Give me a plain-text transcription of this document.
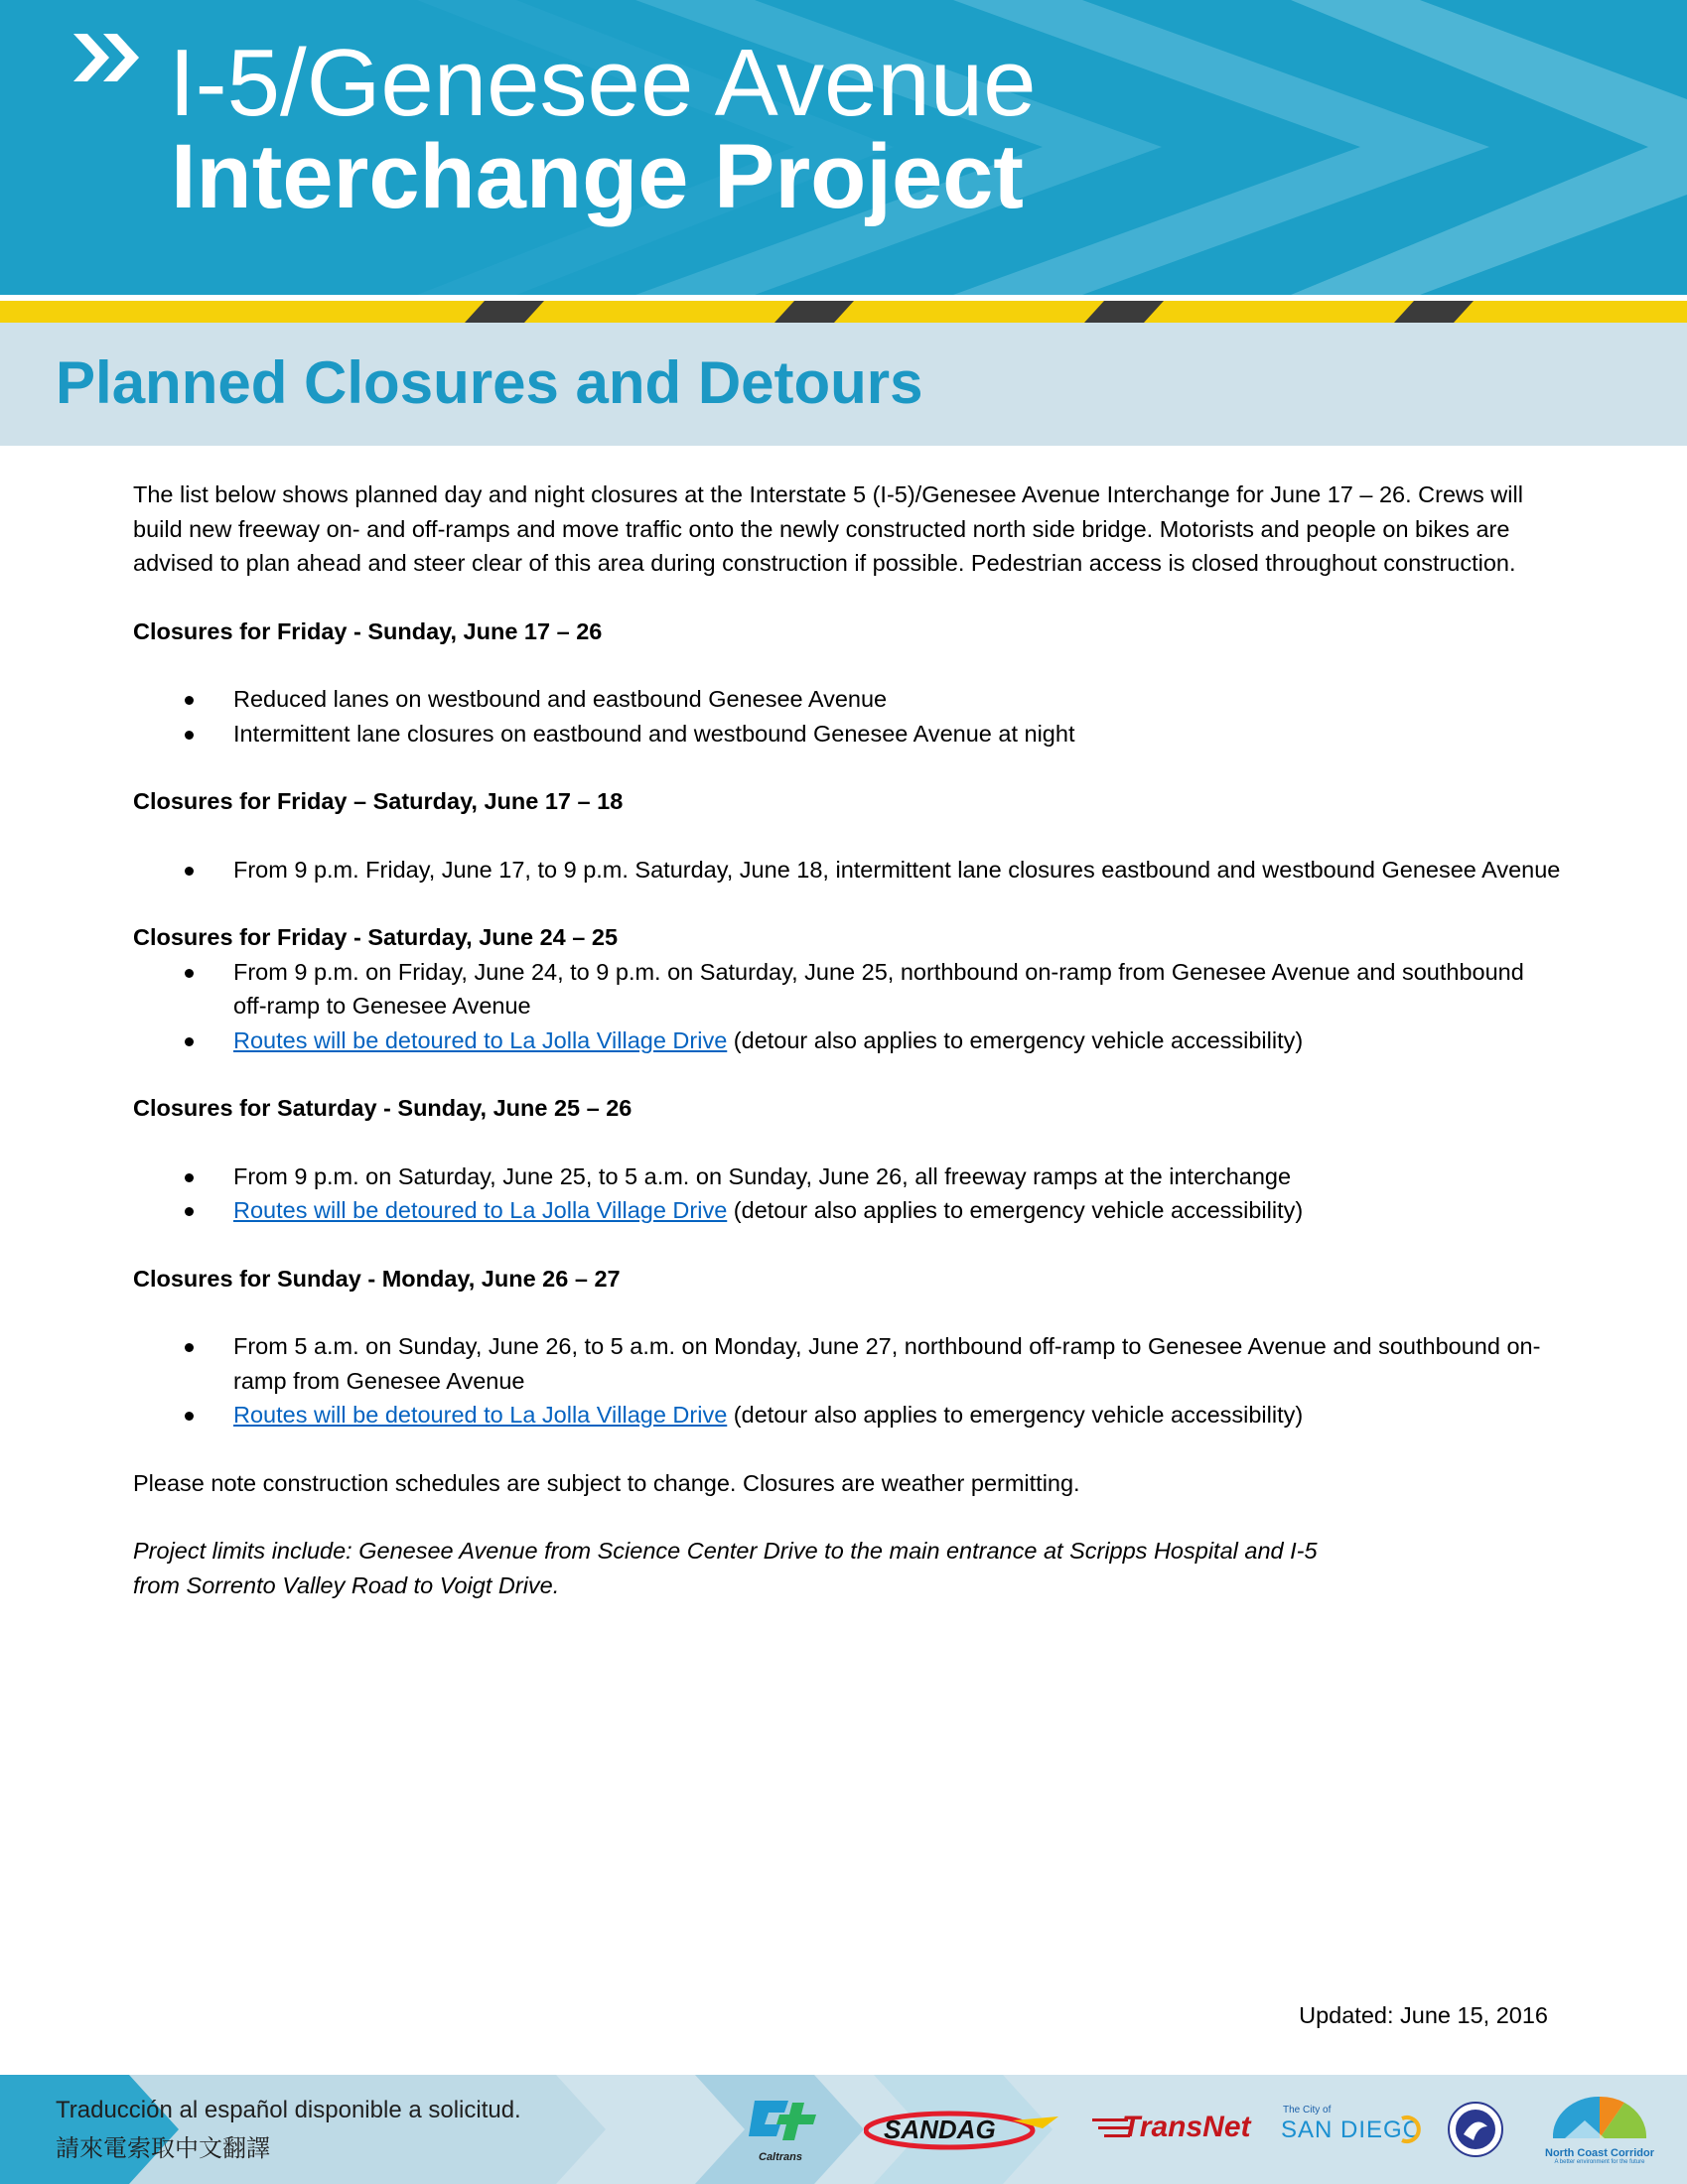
I-5/Genesee Avenue
Interchange Project
Planned Closures and Detours

The list below shows planned day and night closures at the Interstate 5 (I-5)/Genesee Avenue Interchange for June 17 – 26. Crews will build new freeway on- and off-ramps and move traffic onto the newly constructed north side bridge. Motorists and people on bikes are advised to plan ahead and steer clear of this area during construction if possible. Pedestrian access is closed throughout construction.

Closures for Friday - Sunday, June 17 – 26

Reduced lanes on westbound and eastbound Genesee Avenue
Intermittent lane closures on eastbound and westbound Genesee Avenue at night

Closures for Friday – Saturday, June 17 – 18

From 9 p.m. Friday, June 17, to 9 p.m. Saturday, June 18, intermittent lane closures eastbound and westbound Genesee Avenue

Closures for Friday - Saturday, June 24 – 25

From 9 p.m. on Friday, June 24, to 9 p.m. on Saturday, June 25, northbound on-ramp from Genesee Avenue and southbound off-ramp to Genesee Avenue
Routes will be detoured to La Jolla Village Drive (detour also applies to emergency vehicle accessibility)

Closures for Saturday - Sunday, June 25 – 26

From 9 p.m. on Saturday, June 25, to 5 a.m. on Sunday, June 26, all freeway ramps at the interchange
Routes will be detoured to La Jolla Village Drive (detour also applies to emergency vehicle accessibility)

Closures for Sunday - Monday, June 26 – 27

From 5 a.m. on Sunday, June 26, to 5 a.m. on Monday, June 27, northbound off-ramp to Genesee Avenue and southbound on-ramp from Genesee Avenue
Routes will be detoured to La Jolla Village Drive (detour also applies to emergency vehicle accessibility)

Please note construction schedules are subject to change. Closures are weather permitting.

Project limits include: Genesee Avenue from Science Center Drive to the main entrance at Scripps Hospital and I-5

from Sorrento Valley Road to Voigt Drive.

Updated: June 15, 2016
Traducción al español disponible a solicitud.
請來電索取中文翻譯	Caltrans
SANDAG	TransNet
The City of
SAN DIEGO
North Coast Corridor
A better environment for the future
